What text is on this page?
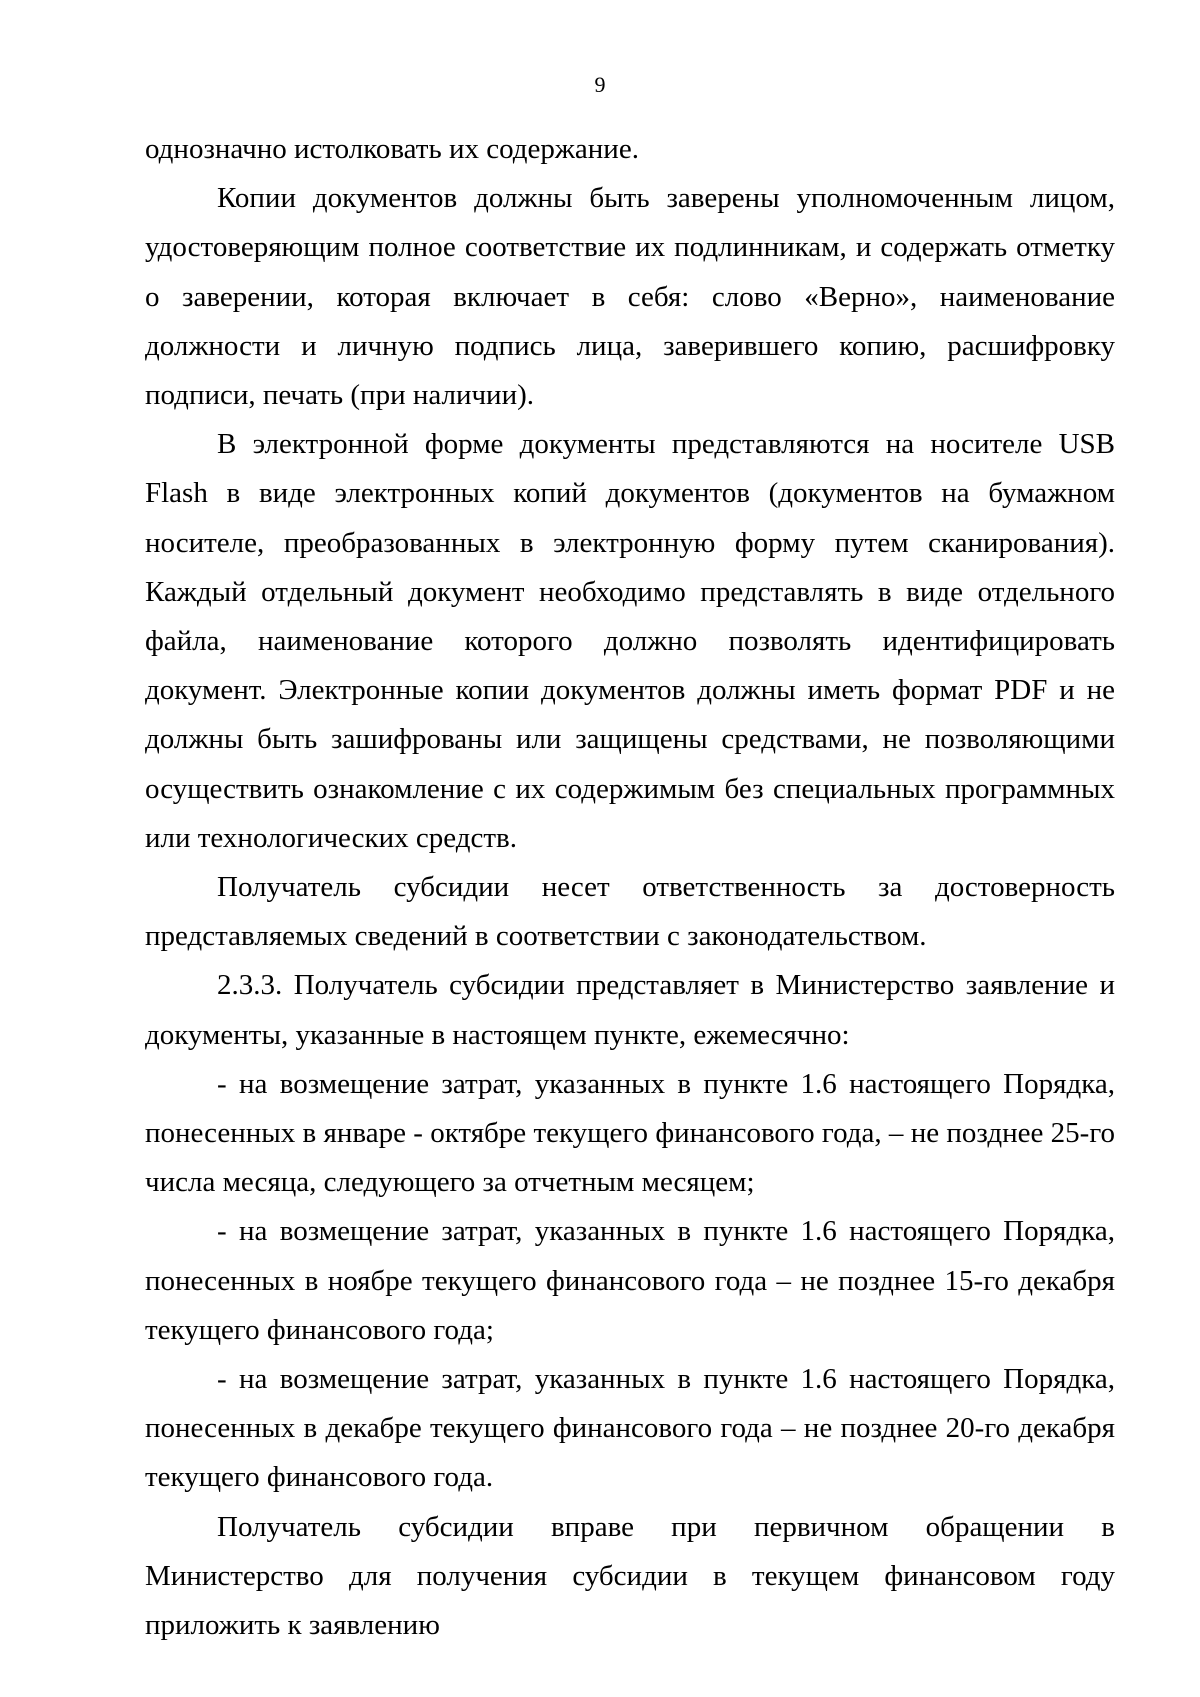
9

однозначно истолковать их содержание.

Копии документов должны быть заверены уполномоченным лицом, удостоверяющим полное соответствие их подлинникам, и содержать отметку о заверении, которая включает в себя: слово «Верно», наименование должности и личную подпись лица, заверившего копию, расшифровку подписи, печать (при наличии).

В электронной форме документы представляются на носителе USB Flash в виде электронных копий документов (документов на бумажном носителе, преобразованных в электронную форму путем сканирования). Каждый отдельный документ необходимо представлять в виде отдельного файла, наименование которого должно позволять идентифицировать документ. Электронные копии документов должны иметь формат PDF и не должны быть зашифрованы или защищены средствами, не позволяющими осуществить ознакомление с их содержимым без специальных программных или технологических средств.

Получатель субсидии несет ответственность за достоверность представляемых сведений в соответствии с законодательством.

2.3.3. Получатель субсидии представляет в Министерство заявление и документы, указанные в настоящем пункте, ежемесячно:

- на возмещение затрат, указанных в пункте 1.6 настоящего Порядка, понесенных в январе - октябре текущего финансового года, – не позднее 25-го числа месяца, следующего за отчетным месяцем;

- на возмещение затрат, указанных в пункте 1.6 настоящего Порядка, понесенных в ноябре текущего финансового года – не позднее 15-го декабря текущего финансового года;

- на возмещение затрат, указанных в пункте 1.6 настоящего Порядка, понесенных в декабре текущего финансового года – не позднее 20-го декабря текущего финансового года.

Получатель субсидии вправе при первичном обращении в Министерство для получения субсидии в текущем финансовом году приложить к заявлению
